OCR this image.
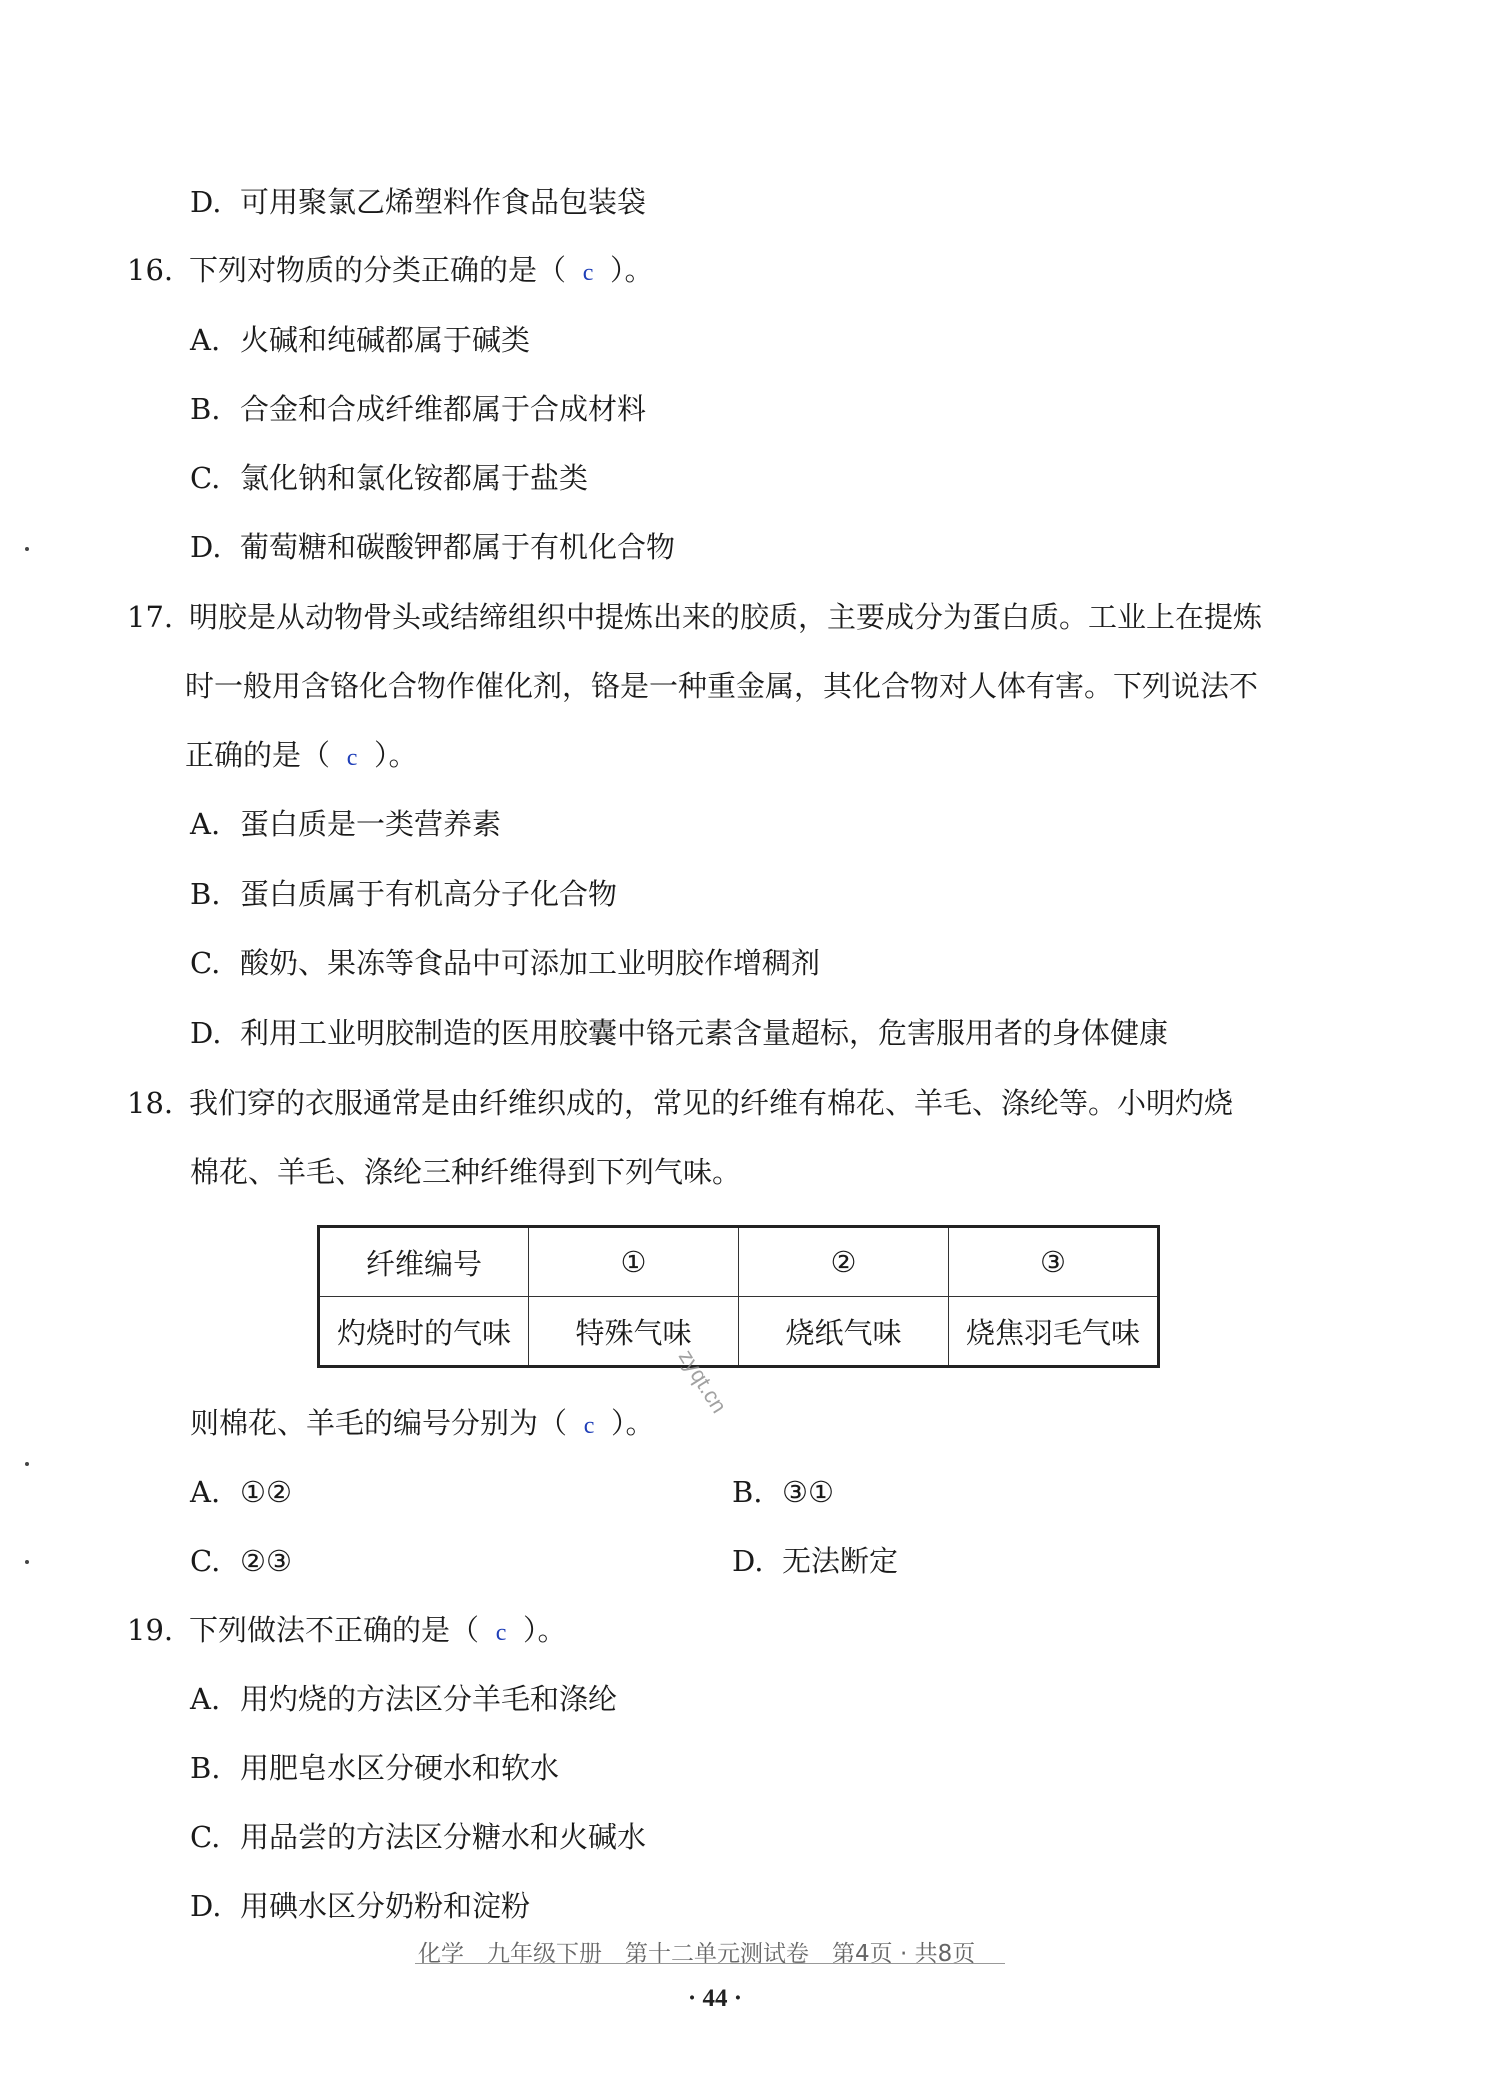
D. 可用聚氯乙烯塑料作食品包装袋
16. 下列对物质的分类正确的是（ c ）。
A. 火碱和纯碱都属于碱类
B. 合金和合成纤维都属于合成材料
C. 氯化钠和氯化铵都属于盐类
D. 葡萄糖和碳酸钾都属于有机化合物
17. 明胶是从动物骨头或结缔组织中提炼出来的胶质，主要成分为蛋白质。工业上在提炼
时一般用含铬化合物作催化剂，铬是一种重金属，其化合物对人体有害。下列说法不
正确的是（ c ）。
A. 蛋白质是一类营养素
B. 蛋白质属于有机高分子化合物
C. 酸奶、果冻等食品中可添加工业明胶作增稠剂
D. 利用工业明胶制造的医用胶囊中铬元素含量超标，危害服用者的身体健康
18. 我们穿的衣服通常是由纤维织成的，常见的纤维有棉花、羊毛、涤纶等。小明灼烧
棉花、羊毛、涤纶三种纤维得到下列气味。
纤维编号	①	②	③
灼烧时的气味	特殊气味	烧纸气味	烧焦羽毛气味
zyqt.cn
则棉花、羊毛的编号分别为（ c ）。
A. ①②	B. ③①
C. ②③	D. 无法断定
19. 下列做法不正确的是（ c ）。
A. 用灼烧的方法区分羊毛和涤纶
B. 用肥皂水区分硬水和软水
C. 用品尝的方法区分糖水和火碱水
D. 用碘水区分奶粉和淀粉
化学　九年级下册　第十二单元测试卷　第4页 · 共8页
· 44 ·
